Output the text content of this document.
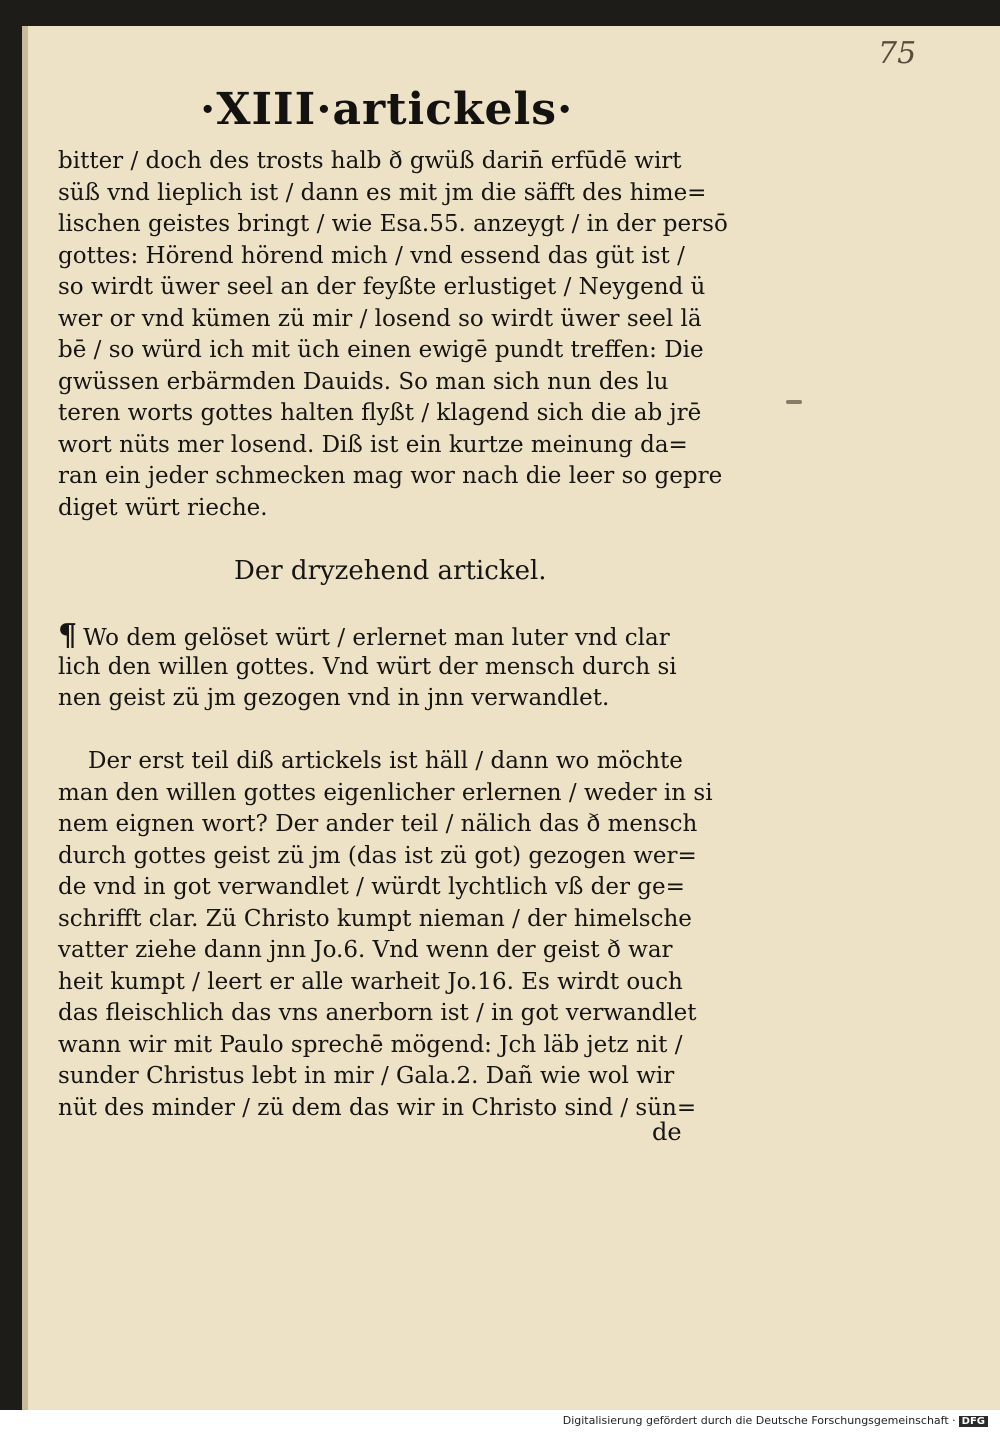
75
·XIII·artickels·
bitter / doch des trosts halb ð gwüß darin̄ erfūdē wirt
süß vnd lieplich ist / dann es mit jm die säfft des hime=
lischen geistes bringt / wie Esa.55. anzeygt / in der persō
gottes: Hörend hörend mich / vnd essend das güt ist /
so wirdt üwer seel an der feyßte erlustiget / Neygend ü
wer or vnd kümen zü mir / losend so wirdt üwer seel lä
bē / so würd ich mit üch einen ewigē pundt treffen: Die
gwüssen erbärmden Dauids. So man sich nun des lu
teren worts gottes halten flyßt / klagend sich die ab jrē
wort nüts mer losend. Diß ist ein kurtze meinung da=
ran ein jeder schmecken mag wor nach die leer so gepre
diget würt rieche.
Der dryzehend artickel.
¶ Wo dem gelöset würt / erlernet man luter vnd clar
lich den willen gottes. Vnd würt der mensch durch si
nen geist zü jm gezogen vnd in jnn verwandlet.
Der erst teil diß artickels ist häll / dann wo möchte
man den willen gottes eigenlicher erlernen / weder in si
nem eignen wort? Der ander teil / nälich das ð mensch
durch gottes geist zü jm (das ist zü got) gezogen wer=
de vnd in got verwandlet / würdt lychtlich vß der ge=
schrifft clar. Zü Christo kumpt nieman / der himelsche
vatter ziehe dann jnn Jo.6. Vnd wenn der geist ð war
heit kumpt / leert er alle warheit Jo.16. Es wirdt ouch
das fleischlich das vns anerborn ist / in got verwandlet
wann wir mit Paulo sprechē mögend: Jch läb jetz nit /
sunder Christus lebt in mir / Gala.2. Dañ wie wol wir
nüt des minder / zü dem das wir in Christo sind / sün=
de
Digitalisierung gefördert durch die Deutsche Forschungsgemeinschaft · DFG
